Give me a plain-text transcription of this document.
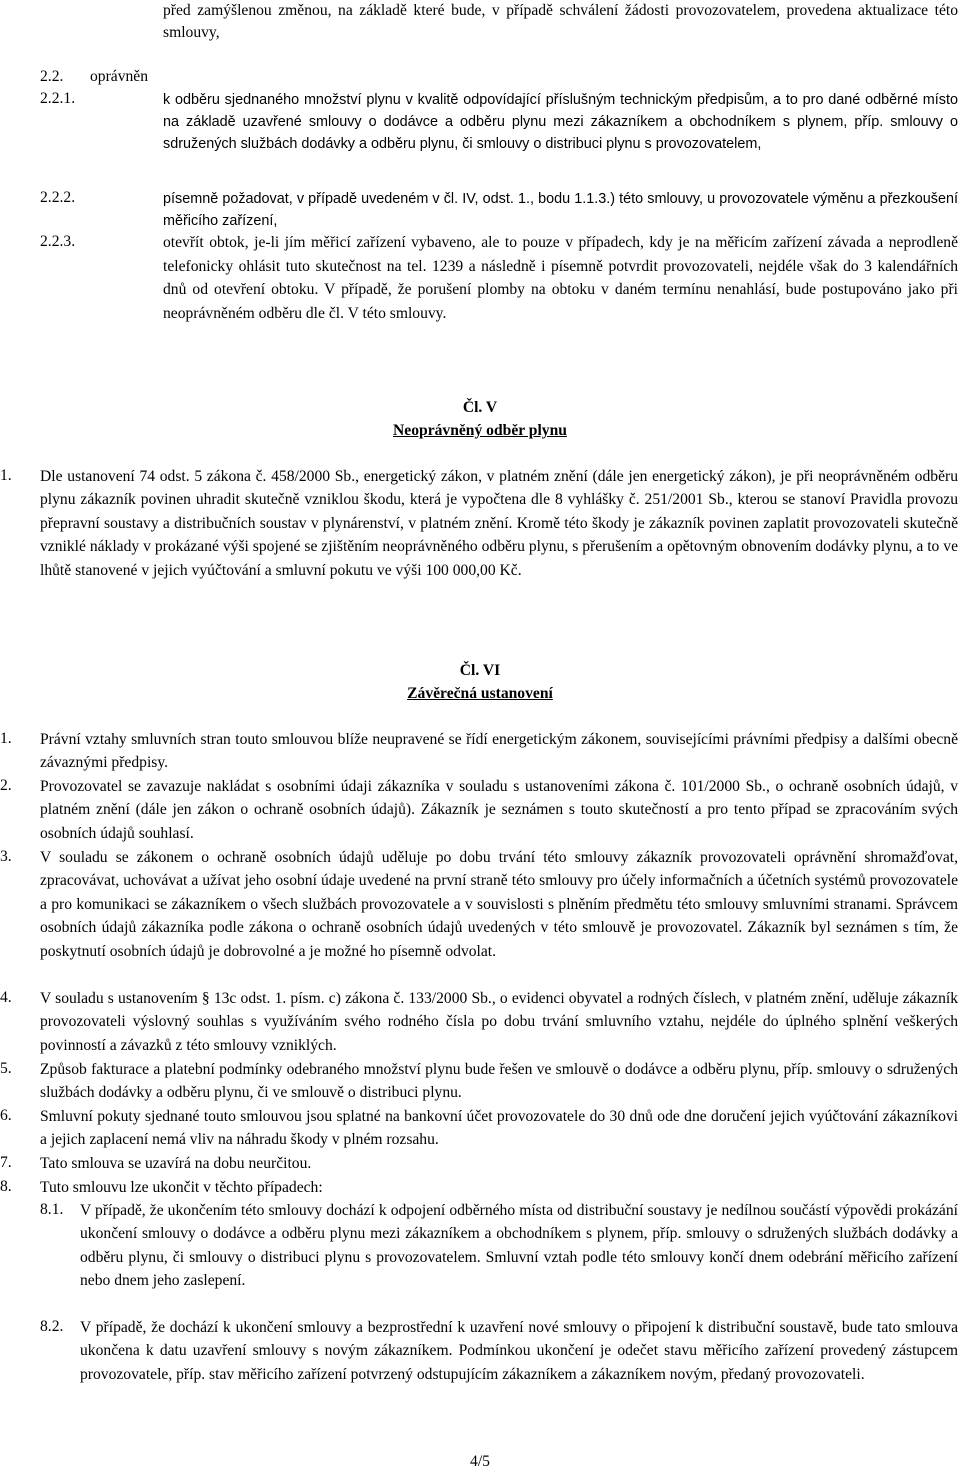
před zamýšlenou změnou, na základě které bude, v případě schválení žádosti provozovatelem, provedena aktualizace této smlouvy,
2.2. oprávněn
2.2.1.	k odběru sjednaného množství plynu v kvalitě odpovídající příslušným technickým předpisům, a to pro dané odběrné místo na základě uzavřené smlouvy o dodávce a odběru plynu mezi zákazníkem a obchodníkem s plynem, příp. smlouvy o sdružených službách dodávky a odběru plynu, či smlouvy o distribuci plynu s provozovatelem,
2.2.2.	písemně požadovat, v případě uvedeném v čl. IV, odst. 1., bodu 1.1.3.) této smlouvy, u provozovatele výměnu a přezkoušení měřicího zařízení,
2.2.3.	otevřít obtok, je-li jím měřicí zařízení vybaveno, ale to pouze v případech, kdy je na měřicím zařízení závada a neprodleně telefonicky ohlásit tuto skutečnost na tel. 1239 a následně i písemně potvrdit provozovateli, nejdéle však do 3 kalendářních dnů od otevření obtoku. V případě, že porušení plomby na obtoku v daném termínu nenahlásí, bude postupováno jako při neoprávněném odběru dle čl. V této smlouvy.
Čl. V
Neoprávněný odběr plynu
1. Dle ustanovení 74 odst. 5 zákona č. 458/2000 Sb., energetický zákon, v platném znění (dále jen energetický zákon), je při neoprávněném odběru plynu zákazník povinen uhradit skutečně vzniklou škodu, která je vypočtena dle 8 vyhlášky č. 251/2001 Sb., kterou se stanoví Pravidla provozu přepravní soustavy a distribučních soustav v plynárenství, v platném znění. Kromě této škody je zákazník povinen zaplatit provozovateli skutečně vzniklé náklady v prokázané výši spojené se zjištěním neoprávněného odběru plynu, s přerušením a opětovným obnovením dodávky plynu, a to ve lhůtě stanovené v jejich vyúčtování a smluvní pokutu ve výši 100 000,00 Kč.
Čl. VI
Závěrečná ustanovení
1. Právní vztahy smluvních stran touto smlouvou blíže neupravené se řídí energetickým zákonem, souvisejícími právními předpisy a dalšími obecně závaznými předpisy.
2. Provozovatel se zavazuje nakládat s osobními údaji zákazníka v souladu s ustanoveními zákona č. 101/2000 Sb., o ochraně osobních údajů, v platném znění (dále jen zákon o ochraně osobních údajů). Zákazník je seznámen s touto skutečností a pro tento případ se zpracováním svých osobních údajů souhlasí.
3. V souladu se zákonem o ochraně osobních údajů uděluje po dobu trvání této smlouvy zákazník provozovateli oprávnění shromažďovat, zpracovávat, uchovávat a užívat jeho osobní údaje uvedené na první straně této smlouvy pro účely informačních a účetních systémů provozovatele a pro komunikaci se zákazníkem o všech službách provozovatele a v souvislosti s plněním předmětu této smlouvy smluvními stranami. Správcem osobních údajů zákazníka podle zákona o ochraně osobních údajů uvedených v této smlouvě je provozovatel. Zákazník byl seznámen s tím, že poskytnutí osobních údajů je dobrovolné a je možné ho písemně odvolat.
4. V souladu s ustanovením § 13c odst. 1. písm. c) zákona č. 133/2000 Sb., o evidenci obyvatel a rodných číslech, v platném znění, uděluje zákazník provozovateli výslovný souhlas s využíváním svého rodného čísla po dobu trvání smluvního vztahu, nejdéle do úplného splnění veškerých povinností a závazků z této smlouvy vzniklých.
5. Způsob fakturace a platební podmínky odebraného množství plynu bude řešen ve smlouvě o dodávce a odběru plynu, příp. smlouvy o sdružených službách dodávky a odběru plynu, či ve smlouvě o distribuci plynu.
6. Smluvní pokuty sjednané touto smlouvou jsou splatné na bankovní účet provozovatele do 30 dnů ode dne doručení jejich vyúčtování zákazníkovi a jejich zaplacení nemá vliv na náhradu škody v plném rozsahu.
7. Tato smlouva se uzavírá na dobu neurčitou.
8. Tuto smlouvu lze ukončit v těchto případech:
8.1. V případě, že ukončením této smlouvy dochází k odpojení odběrného místa od distribuční soustavy je nedílnou součástí výpovědi prokázání ukončení smlouvy o dodávce a odběru plynu mezi zákazníkem a obchodníkem s plynem, příp. smlouvy o sdružených službách dodávky a odběru plynu, či smlouvy o distribuci plynu s provozovatelem. Smluvní vztah podle této smlouvy končí dnem odebrání měřicího zařízení nebo dnem jeho zaslepení.
8.2. V případě, že dochází k ukončení smlouvy a bezprostřední k uzavření nové smlouvy o připojení k distribuční soustavě, bude tato smlouva ukončena k datu uzavření smlouvy s novým zákazníkem. Podmínkou ukončení je odečet stavu měřicího zařízení provedený zástupcem provozovatele, příp. stav měřicího zařízení potvrzený odstupujícím zákazníkem a zákazníkem novým, předaný provozovateli.
4/5
